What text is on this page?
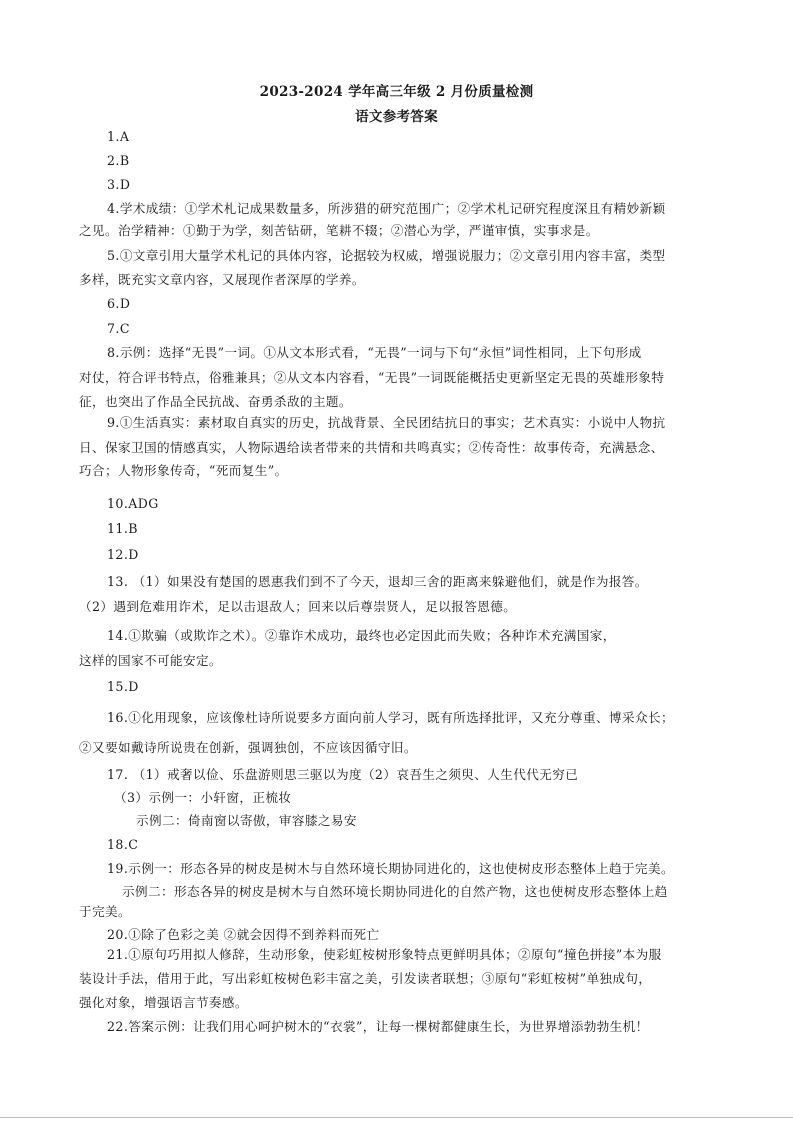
2023-2024 学年高三年级 2 月份质量检测
语文参考答案
1.A
2.B
3.D
4.学术成绩：①学术札记成果数量多，所涉猎的研究范围广；②学术札记研究程度深且有精妙新颖
之见。治学精神：①勤于为学，刻苦钻研，笔耕不辍；②潜心为学，严谨审慎，实事求是。
5.①文章引用大量学术札记的具体内容，论据较为权威，增强说服力；②文章引用内容丰富，类型
多样，既充实文章内容，又展现作者深厚的学养。
6.D
7.C
8.示例：选择“无畏”一词。①从文本形式看，“无畏”一词与下句“永恒”词性相同，上下句形成
对仗，符合评书特点，俗雅兼具；②从文本内容看，“无畏”一词既能概括史更新坚定无畏的英雄形象特
征，也突出了作品全民抗战、奋勇杀敌的主题。
9.①生活真实：素材取自真实的历史，抗战背景、全民团结抗日的事实；艺术真实：小说中人物抗
日、保家卫国的情感真实，人物际遇给读者带来的共情和共鸣真实；②传奇性：故事传奇，充满悬念、
巧合；人物形象传奇，“死而复生”。
10.ADG
11.B
12.D
13. （1）如果没有楚国的恩惠我们到不了今天，退却三舍的距离来躲避他们，就是作为报答。
（2）遇到危难用诈术，足以击退敌人；回来以后尊崇贤人，足以报答恩德。
14.①欺骗（或欺诈之术）。②靠诈术成功，最终也必定因此而失败；各种诈术充满国家，
这样的国家不可能安定。
15.D
16.①化用现象，应该像杜诗所说要多方面向前人学习，既有所选择批评，又充分尊重、博采众长；
②又要如戴诗所说贵在创新，强调独创，不应该因循守旧。
17. （1）戒奢以俭、乐盘游则思三驱以为度（2）哀吾生之须臾、人生代代无穷已
（3）示例一：小轩窗，正梳妆
示例二：倚南窗以寄傲，审容膝之易安
18.C
19.示例一：形态各异的树皮是树木与自然环境长期协同进化的，这也使树皮形态整体上趋于完美。
示例二：形态各异的树皮是树木与自然环境长期协同进化的自然产物，这也使树皮形态整体上趋
于完美。
20.①除了色彩之美 ②就会因得不到养料而死亡
21.①原句巧用拟人修辞，生动形象，使彩虹桉树形象特点更鲜明具体；②原句“撞色拼接”本为服
装设计手法，借用于此，写出彩虹桉树色彩丰富之美，引发读者联想；③原句“彩虹桉树”单独成句，
强化对象，增强语言节奏感。
22.答案示例：让我们用心呵护树木的“衣裳”，让每一棵树都健康生长，为世界增添勃勃生机！
